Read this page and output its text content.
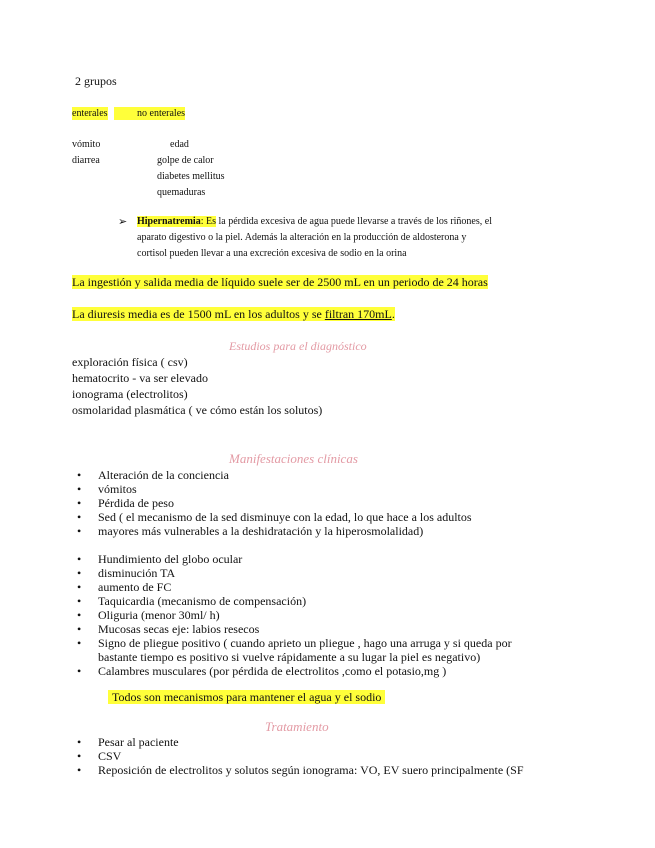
2 grupos
enterales	no enterales
vómito
diarrea
edad
golpe de calor
diabetes mellitus
quemaduras
➢ Hipernatremia: Es la pérdida excesiva de agua puede llevarse a través de los riñones, el
aparato digestivo o la piel. Además la alteración en la producción de aldosterona y
cortisol pueden llevar a una excreción excesiva de sodio en la orina
La ingestión y salida media de líquido suele ser de 2500 mL en un periodo de 24 horas
La diuresis media es de 1500 mL en los adultos y se filtran 170mL.
Estudios para el diagnóstico
exploración física ( csv)
hematocrito - va ser elevado
ionograma (electrolitos)
osmolaridad plasmática ( ve cómo están los solutos)
Manifestaciones clínicas
• Alteración de la conciencia
• vómitos
• Pérdida de peso
• Sed ( el mecanismo de la sed disminuye con la edad, lo que hace a los adultos
• mayores más vulnerables a la deshidratación y la hiperosmolalidad)
• Hundimiento del globo ocular
• disminución TA
• aumento de FC
• Taquicardia (mecanismo de compensación)
• Oliguria (menor 30ml/ h)
• Mucosas secas eje: labios resecos
• Signo de pliegue positivo ( cuando aprieto un pliegue , hago una arruga y si queda por
bastante tiempo es positivo si vuelve rápidamente a su lugar la piel es negativo)
• Calambres musculares (por pérdida de electrolitos ,como el potasio,mg )
Todos son mecanismos para mantener el agua y el sodio
Tratamiento
• Pesar al paciente
• CSV
• Reposición de electrolitos y solutos según ionograma: VO, EV suero principalmente (SF
